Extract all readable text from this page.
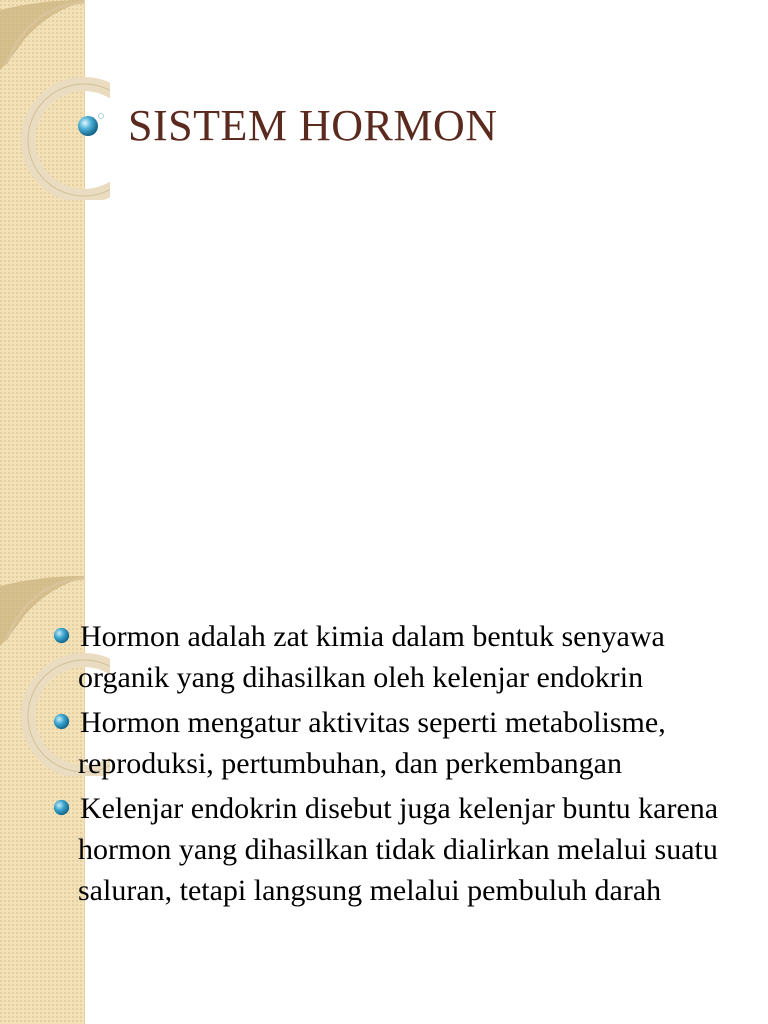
SISTEM HORMON

Hormon adalah zat kimia dalam bentuk senyawa organik yang dihasilkan oleh kelenjar endokrin

Hormon mengatur aktivitas seperti metabolisme, reproduksi, pertumbuhan, dan perkembangan

Kelenjar endokrin disebut juga kelenjar buntu karena hormon yang dihasilkan tidak dialirkan melalui suatu saluran, tetapi langsung melalui pembuluh darah
